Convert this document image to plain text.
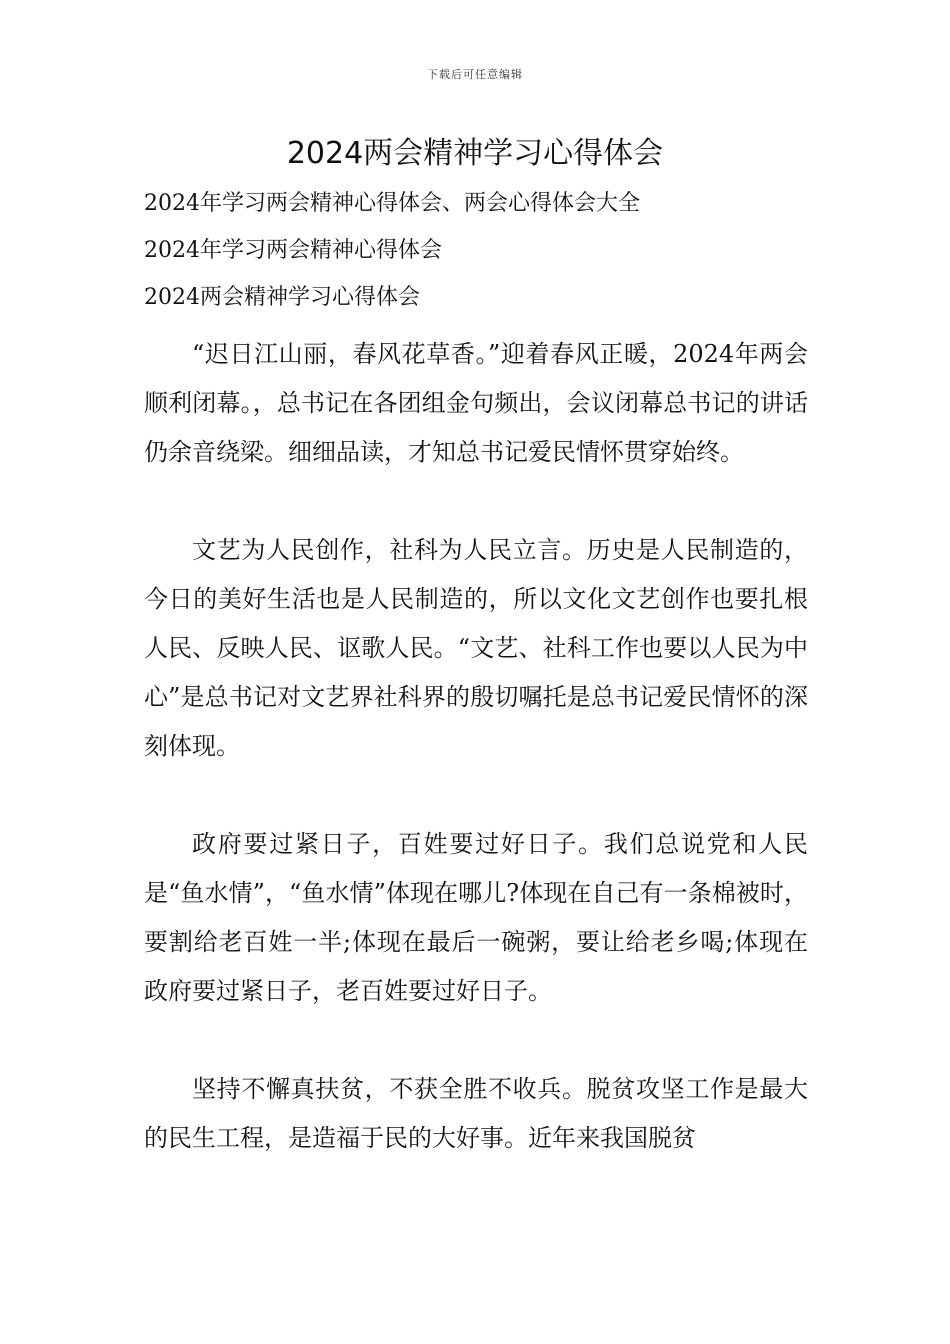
下载后可任意编辑
2024两会精神学习心得体会
2024年学习两会精神心得体会、两会心得体会大全
2024年学习两会精神心得体会
2024两会精神学习心得体会

“迟日江山丽，春风花草香。”迎着春风正暖，2024年两会顺利闭幕。，总书记在各团组金句频出，会议闭幕总书记的讲话仍余音绕梁。细细品读，才知总书记爱民情怀贯穿始终。

文艺为人民创作，社科为人民立言。历史是人民制造的，今日的美好生活也是人民制造的，所以文化文艺创作也要扎根人民、反映人民、讴歌人民。“文艺、社科工作也要以人民为中心”是总书记对文艺界社科界的殷切嘱托是总书记爱民情怀的深刻体现。

政府要过紧日子，百姓要过好日子。我们总说党和人民是“鱼水情”，“鱼水情”体现在哪儿?体现在自己有一条棉被时，要割给老百姓一半;体现在最后一碗粥，要让给老乡喝;体现在政府要过紧日子，老百姓要过好日子。

坚持不懈真扶贫，不获全胜不收兵。脱贫攻坚工作是最大的民生工程，是造福于民的大好事。近年来我国脱贫
